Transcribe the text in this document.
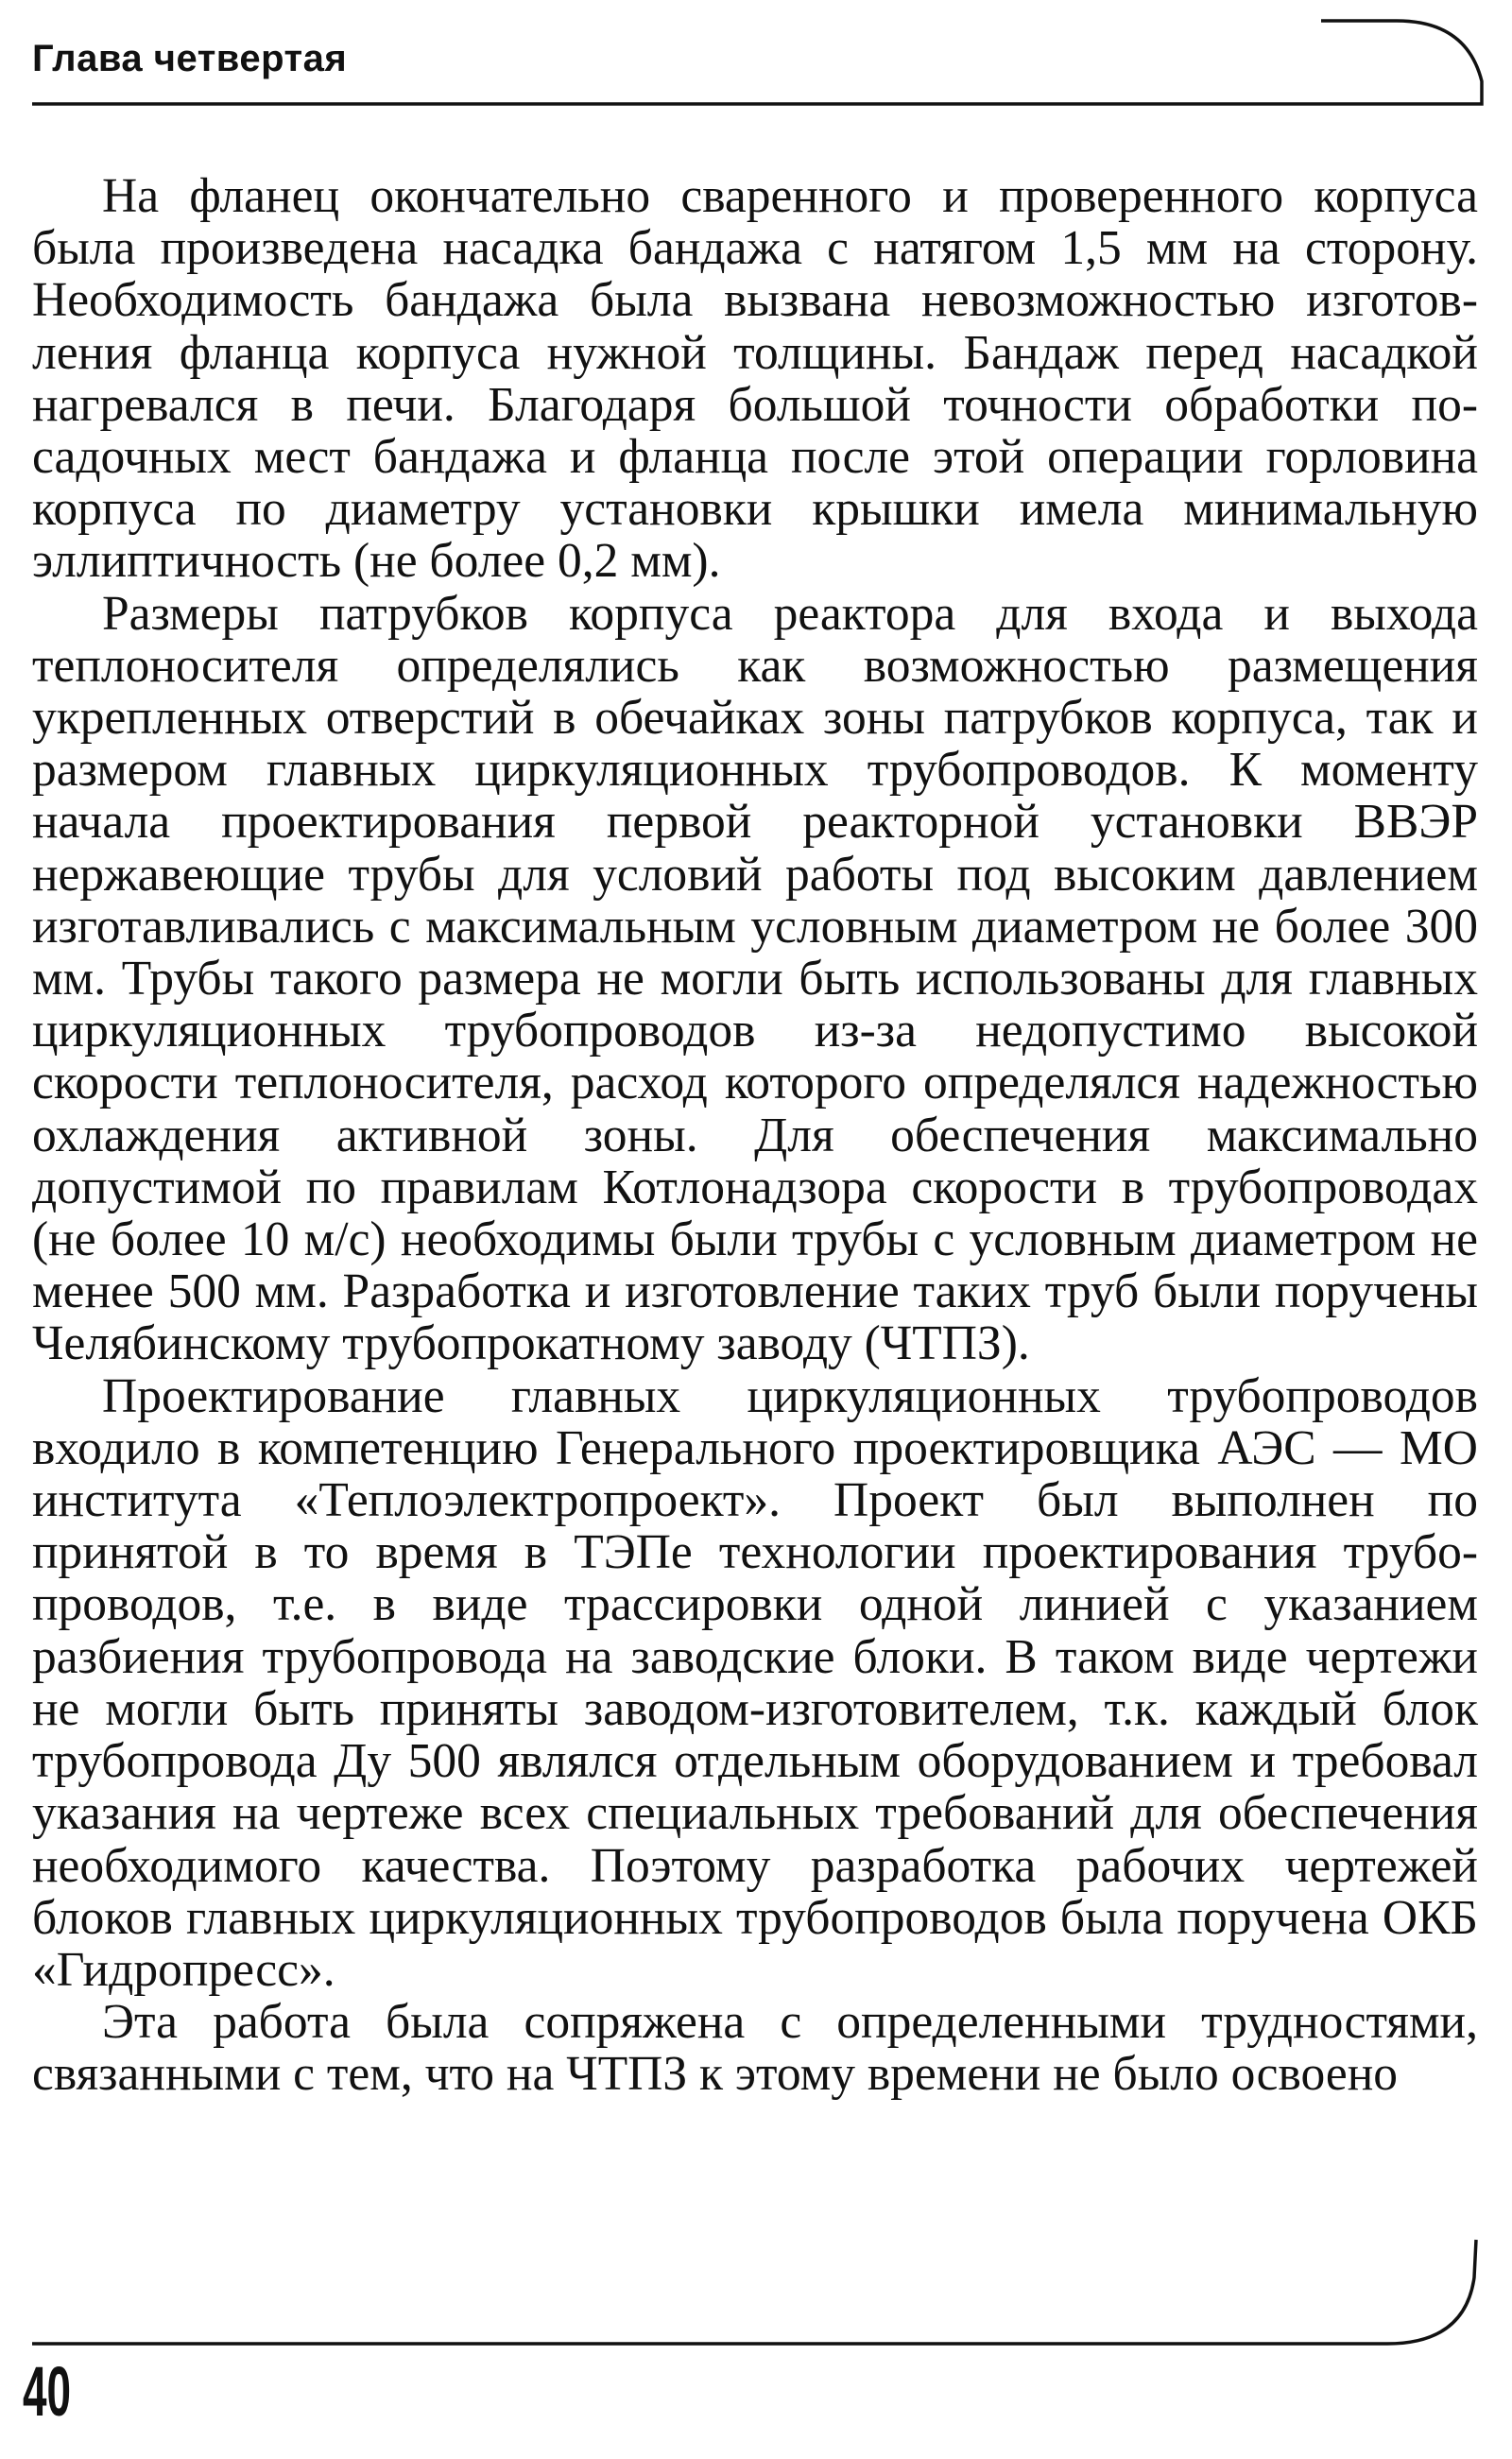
Глава четвертая

На фланец окончательно сваренного и проверенного корпуса была произведена насадка бандажа с натягом 1,5 мм на сторону. Необходимость бандажа была вызвана невозможностью изготовления фланца корпуса нужной толщины. Бандаж перед насадкой нагревался в печи. Благодаря большой точности обработки посадочных мест бандажа и фланца после этой операции горловина корпуса по диаметру установки крышки имела минимальную эллиптичность (не более 0,2 мм).

Размеры патрубков корпуса реактора для входа и выхода теплоносителя определялись как возможностью размещения укрепленных отверстий в обечайках зоны патрубков корпуса, так и размером главных циркуляционных трубопроводов. К моменту начала проектирования первой реакторной установки ВВЭР нержавеющие трубы для условий работы под высоким давлением изготавливались с максимальным условным диаметром не более 300 мм. Трубы такого размера не могли быть использованы для главных циркуляционных трубопроводов из-за недопустимо высокой скорости теплоносителя, расход которого определялся надежностью охлаждения активной зоны. Для обеспечения максимально допустимой по правилам Котлонадзора скорости в трубопроводах (не более 10 м/с) необходимы были трубы с условным диаметром не менее 500 мм. Разработка и изготовление таких труб были поручены Челябинскому трубопрокатному заводу (ЧТПЗ).

Проектирование главных циркуляционных трубопроводов входило в компетенцию Генерального проектировщика АЭС — МО института «Теплоэлектропроект». Проект был выполнен по принятой в то время в ТЭПе технологии проектирования трубопроводов, т.е. в виде трассировки одной линией с указанием разбиения трубопровода на заводские блоки. В таком виде чертежи не могли быть приняты заводом-изготовителем, т.к. каждый блок трубопровода Ду 500 являлся отдельным оборудованием и требовал указания на чертеже всех специальных требований для обеспечения необходимого качества. Поэтому разработка рабочих чертежей блоков главных циркуляционных трубопроводов была поручена ОКБ «Гидропресс».

Эта работа была сопряжена с определенными трудностями, связанными с тем, что на ЧТПЗ к этому времени не было освоено

40
